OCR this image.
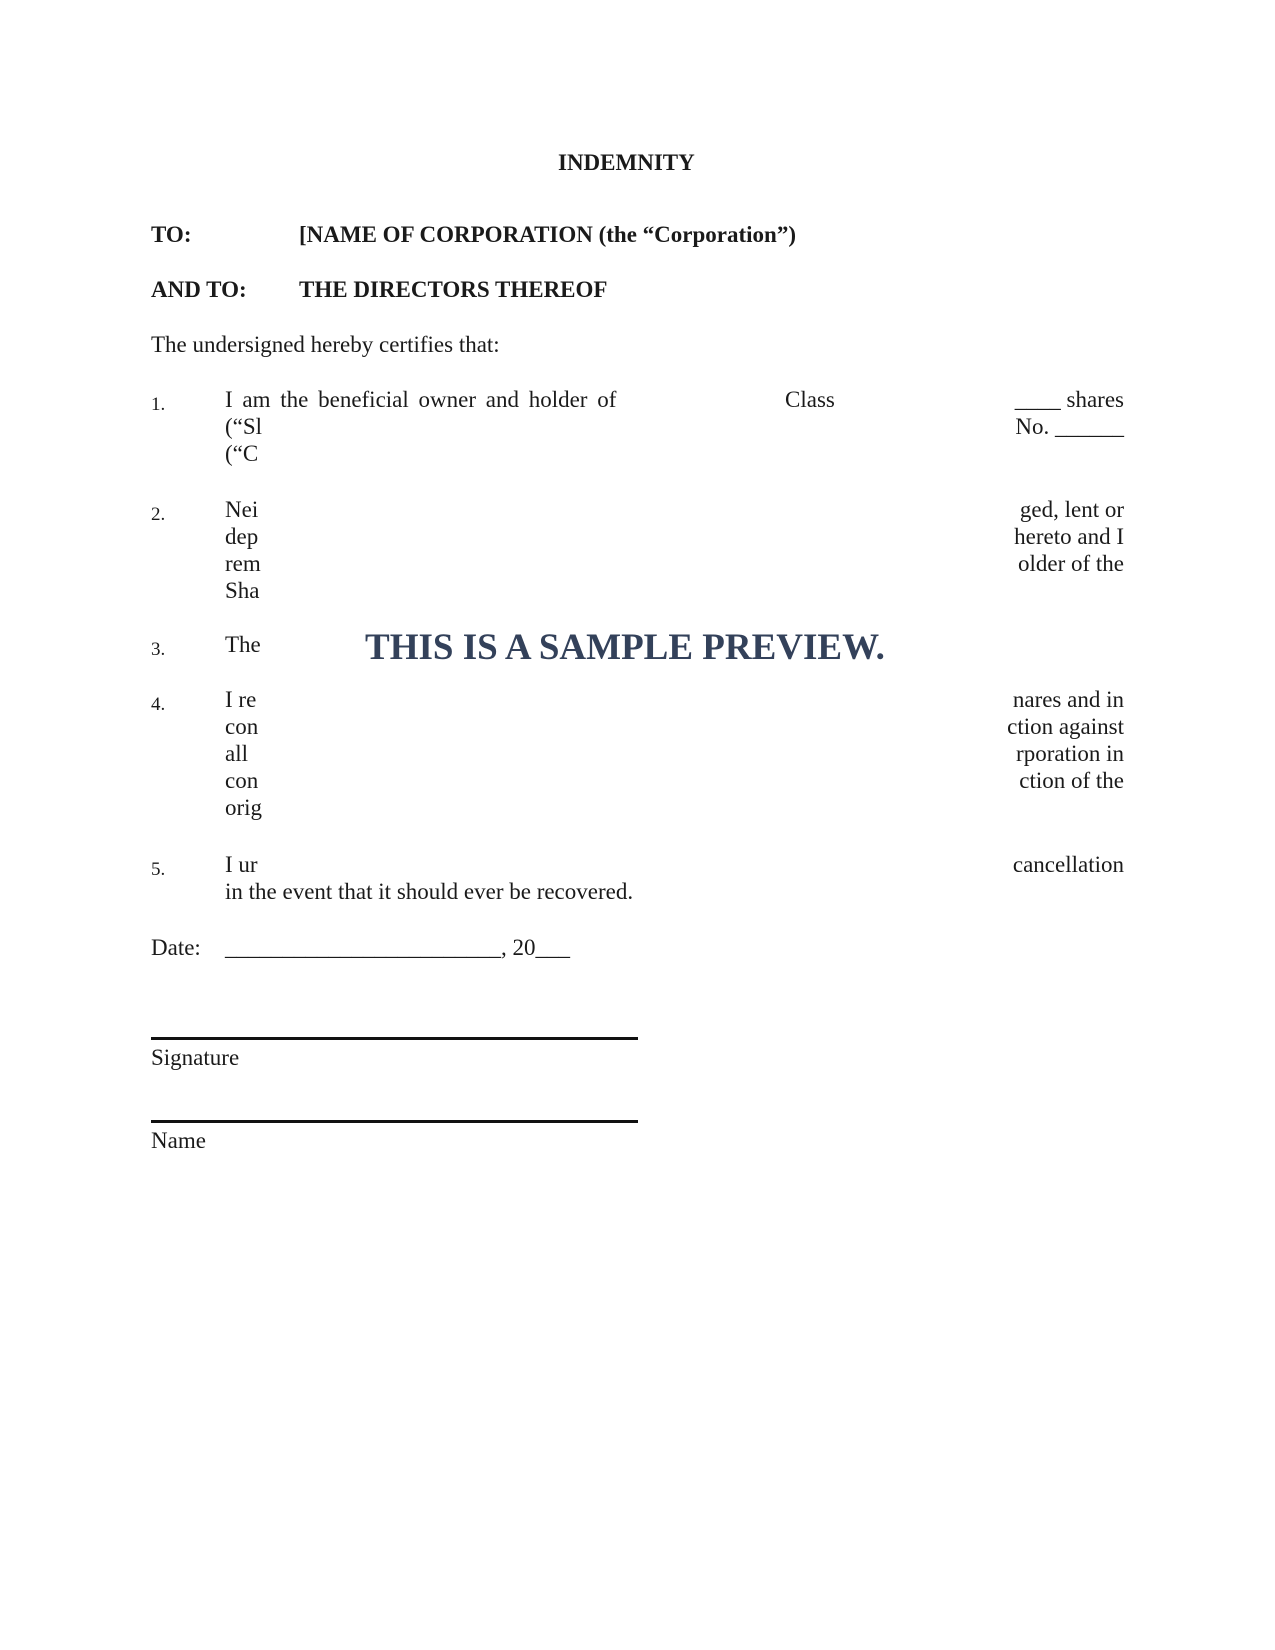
INDEMNITY
TO:	[NAME OF CORPORATION (the “Corporation”)
AND TO: THE DIRECTORS THEREOF
The undersigned hereby certifies that:
1.	I am the beneficial owner and holder of	Class	____ shares
(“Sl	No. ______
(“C
2.	Nei	ged, lent or
dep	hereto and I
rem	older of the
Sha
3.	The
4.	I re	nares and in
con	ction against
all	rporation in
con	ction of the
orig
5.	I ur	cancellation
in the event that it should ever be recovered.
THIS IS A SAMPLE PREVIEW.
Date: ________________________, 20___
Signature
Name
